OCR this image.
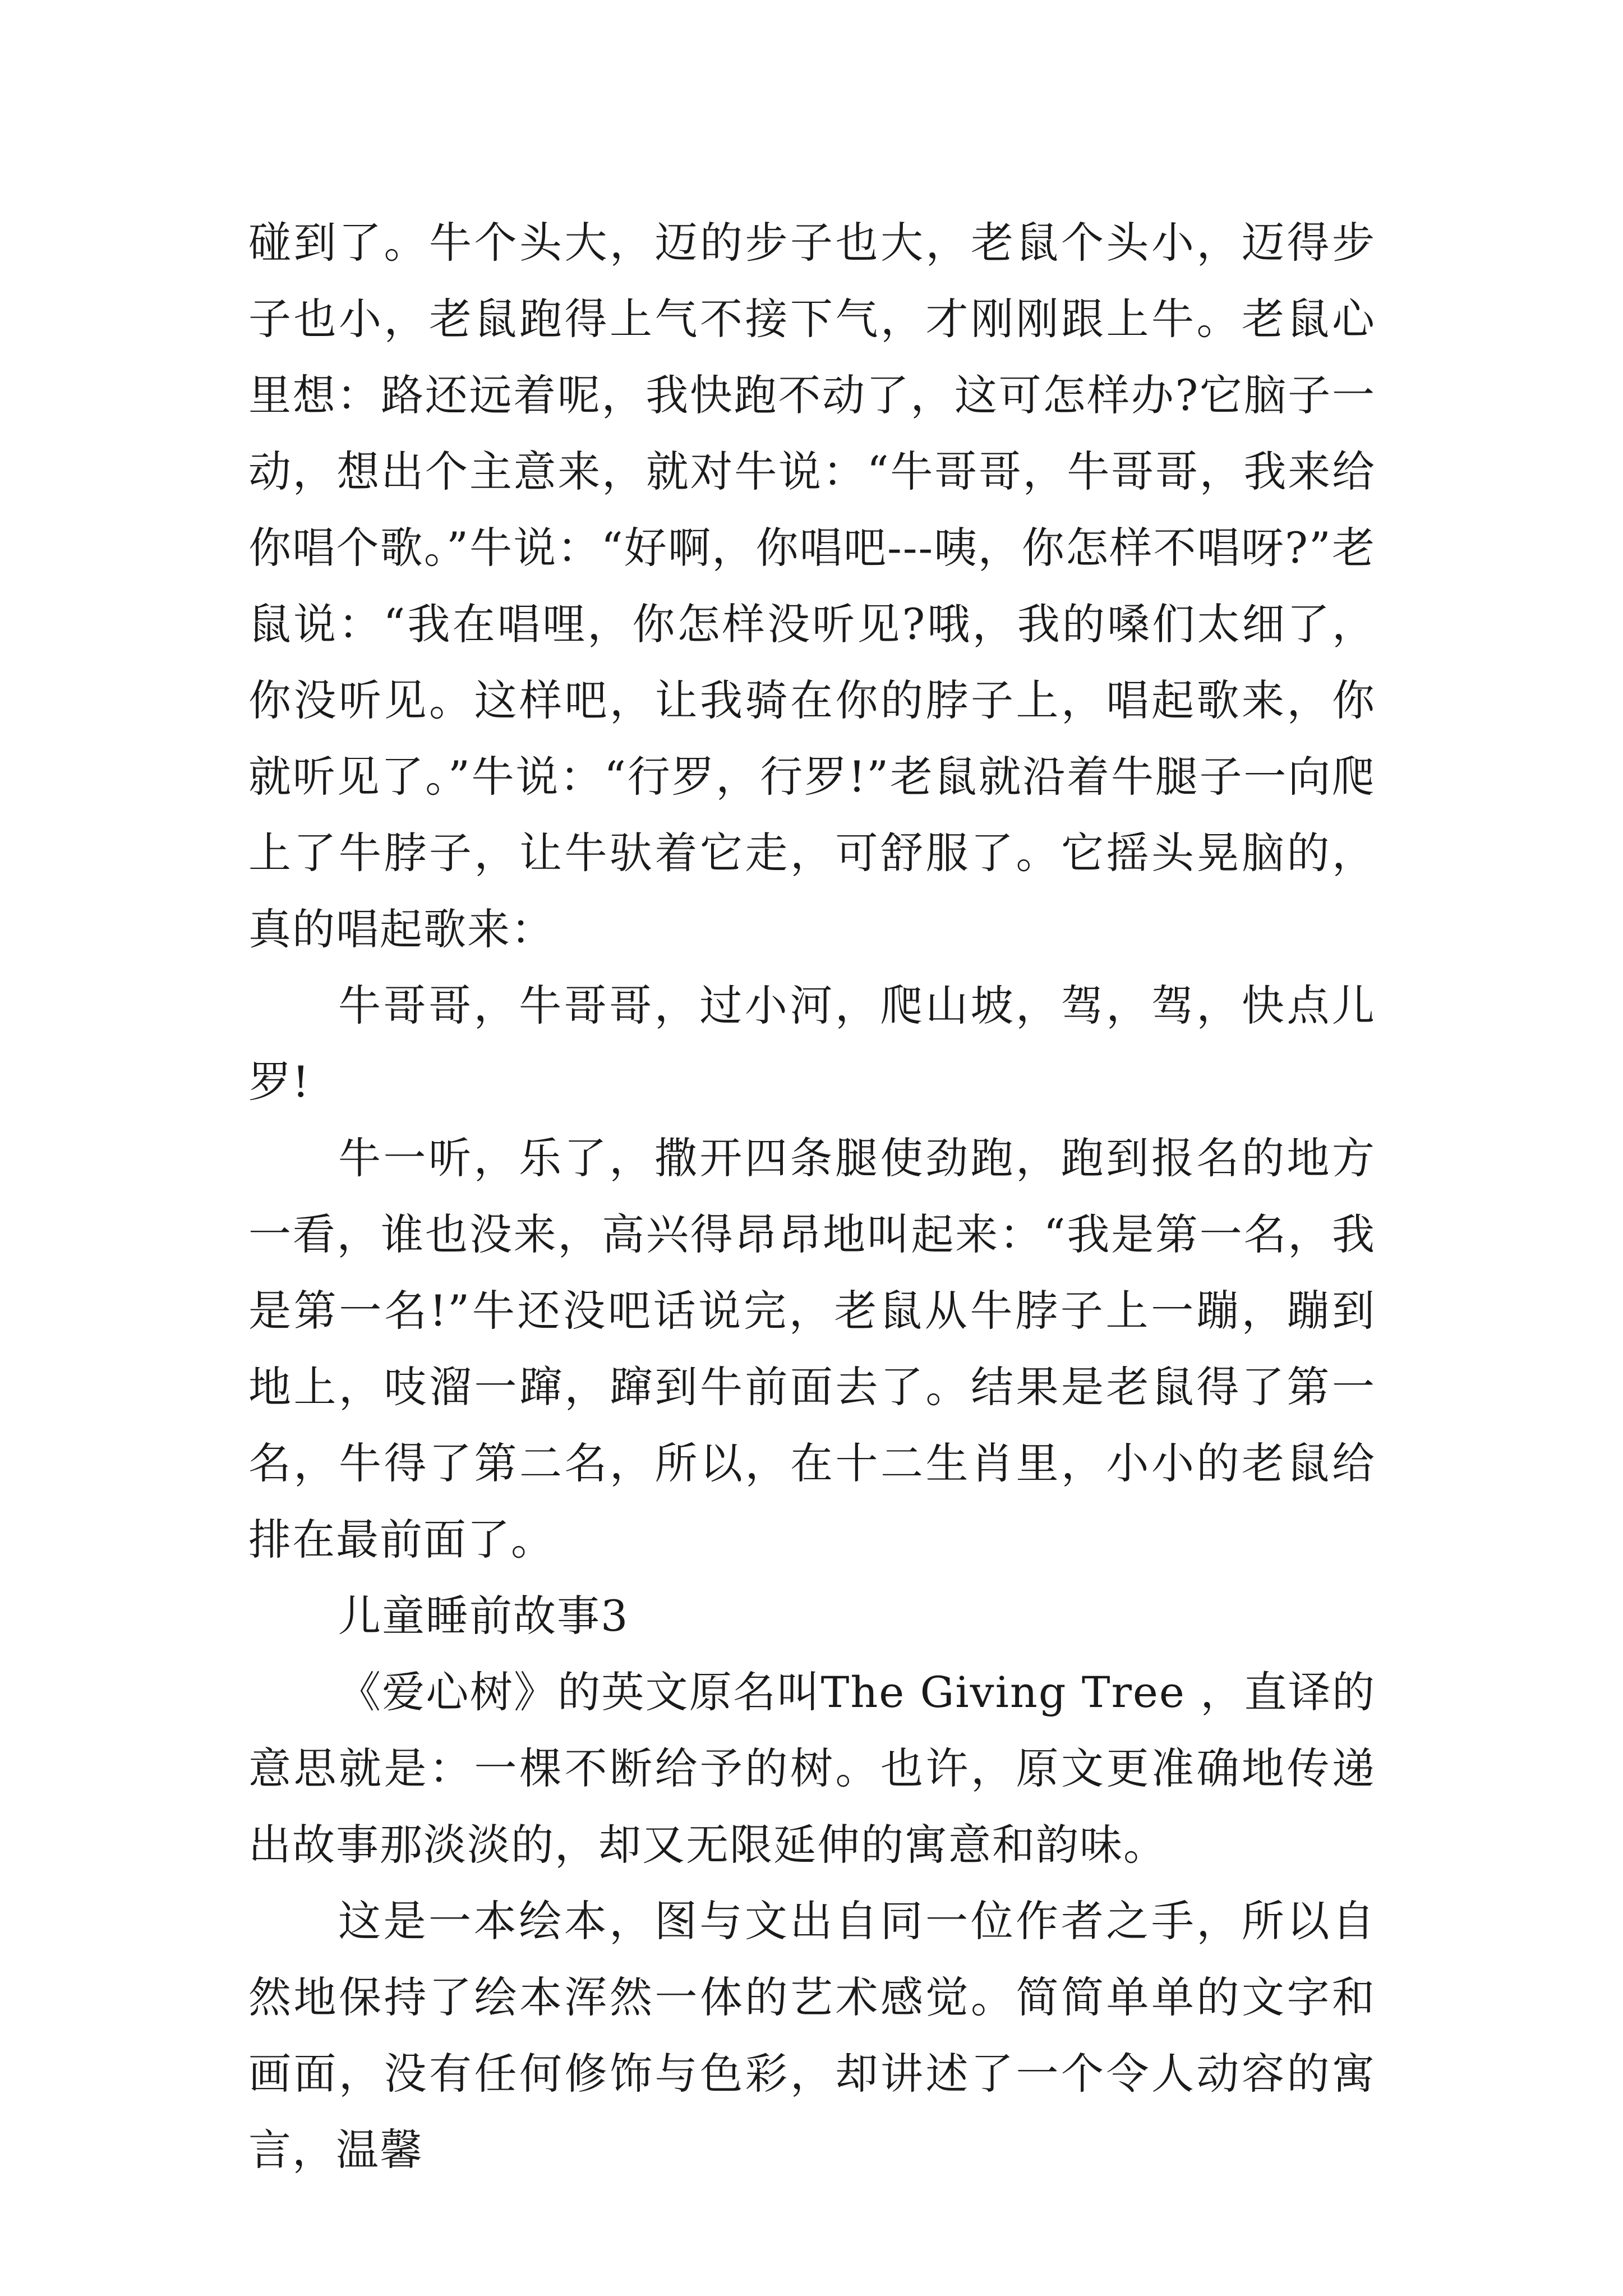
碰到了。牛个头大，迈的步子也大，老鼠个头小，迈得步子也小，老鼠跑得上气不接下气，才刚刚跟上牛。老鼠心里想：路还远着呢，我快跑不动了，这可怎样办?它脑子一动，想出个主意来，就对牛说：“牛哥哥，牛哥哥，我来给你唱个歌。”牛说：“好啊，你唱吧---咦，你怎样不唱呀?”老鼠说：“我在唱哩，你怎样没听见?哦，我的嗓们太细了，你没听见。这样吧，让我骑在你的脖子上，唱起歌来，你就听见了。”牛说：“行罗，行罗!”老鼠就沿着牛腿子一向爬上了牛脖子，让牛驮着它走，可舒服了。它摇头晃脑的，真的唱起歌来：

牛哥哥，牛哥哥，过小河，爬山坡，驾，驾，快点儿罗!

牛一听，乐了，撒开四条腿使劲跑，跑到报名的地方一看，谁也没来，高兴得昂昂地叫起来：“我是第一名，我是第一名!”牛还没吧话说完，老鼠从牛脖子上一蹦，蹦到地上，吱溜一蹿，蹿到牛前面去了。结果是老鼠得了第一名，牛得了第二名，所以，在十二生肖里，小小的老鼠给排在最前面了。

儿童睡前故事3

《爱心树》的英文原名叫The Giving Tree ，直译的意思就是：一棵不断给予的树。也许，原文更准确地传递出故事那淡淡的，却又无限延伸的寓意和韵味。

这是一本绘本，图与文出自同一位作者之手，所以自然地保持了绘本浑然一体的艺术感觉。简简单单的文字和画面，没有任何修饰与色彩，却讲述了一个令人动容的寓言，温馨
